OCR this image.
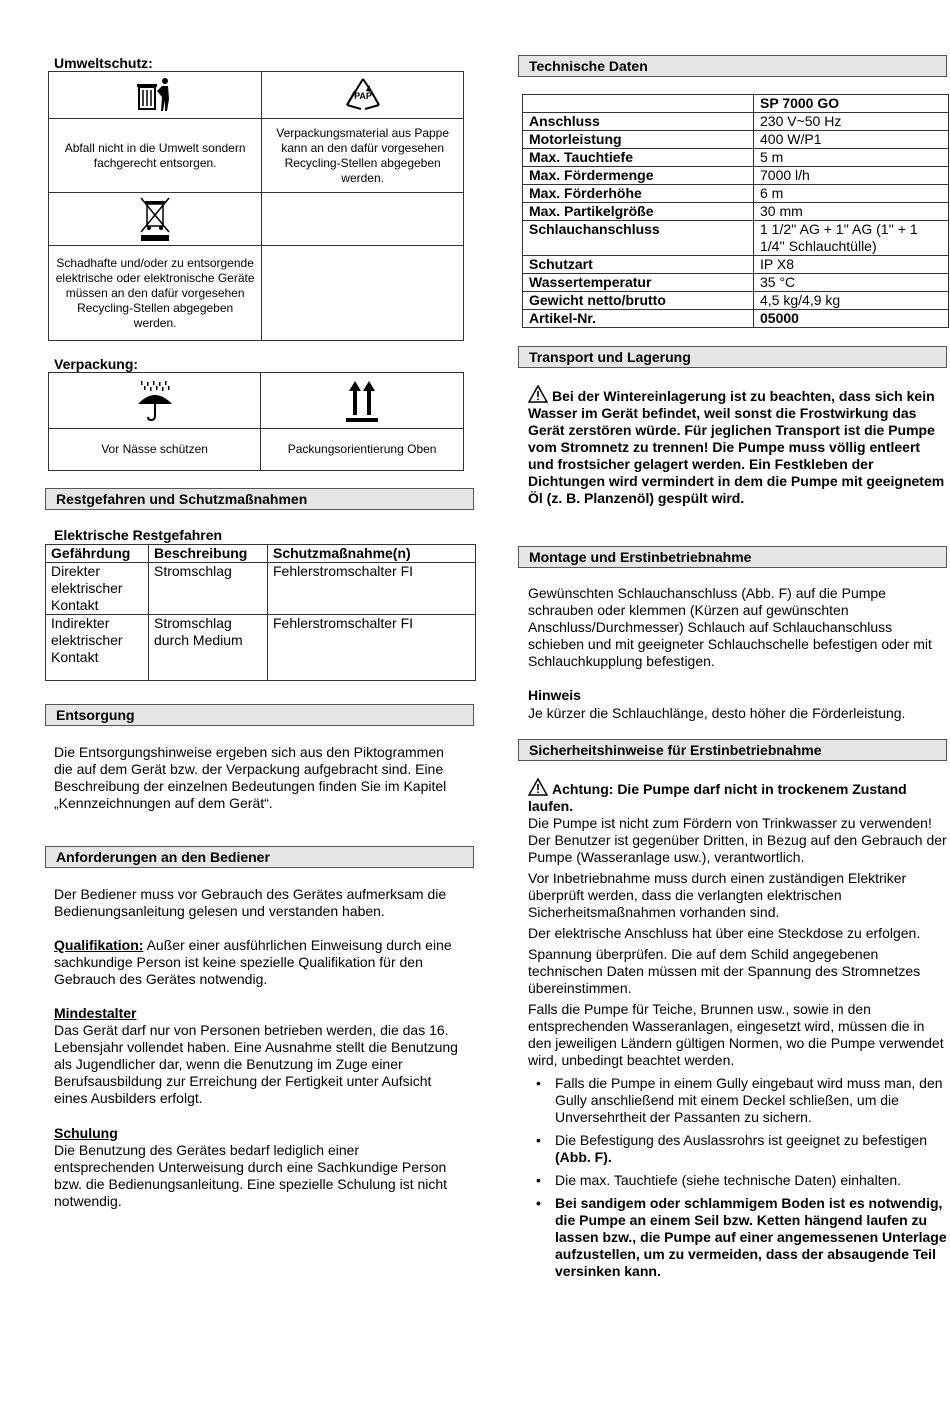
Umweltschutz:

PAP

Abfall nicht in die Umwelt sondern fachgerecht entsorgen.	Verpackungsmaterial aus Pappe kann an den dafür vorgesehen Recycling-Stellen abgegeben werden.

Schadhafte und/oder zu entsorgende elektrische oder elektronische Geräte müssen an den dafür vorgesehen Recycling-Stellen abgegeben werden.	
Verpackung:

Vor Nässe schützen	Packungsorientierung Oben
Restgefahren und Schutzmaßnahmen
Elektrische Restgefahren
Gefährdung	Beschreibung	Schutzmaßnahme(n)
Direkter elektrischer Kontakt	Stromschlag	Fehlerstromschalter FI
Indirekter elektrischer Kontakt	Stromschlag durch Medium	Fehlerstromschalter FI
Entsorgung

Die Entsorgungshinweise ergeben sich aus den Piktogrammen die auf dem Gerät bzw. der Verpackung aufgebracht sind. Eine Beschreibung der einzelnen Bedeutungen finden Sie im Kapitel „Kennzeichnungen auf dem Gerät“.

Anforderungen an den Bediener

Der Bediener muss vor Gebrauch des Gerätes aufmerksam die Bedienungsanleitung gelesen und verstanden haben.

Qualifikation: Außer einer ausführlichen Einweisung durch eine sachkundige Person ist keine spezielle Qualifikation für den Gebrauch des Gerätes notwendig.

Mindestalter

Das Gerät darf nur von Personen betrieben werden, die das 16. Lebensjahr vollendet haben. Eine Ausnahme stellt die Benutzung als Jugendlicher dar, wenn die Benutzung im Zuge einer Berufsausbildung zur Erreichung der Fertigkeit unter Aufsicht eines Ausbilders erfolgt.

Schulung

Die Benutzung des Gerätes bedarf lediglich einer entsprechenden Unterweisung durch eine Sachkundige Person bzw. die Bedienungsanleitung. Eine spezielle Schulung ist nicht notwendig.

Technische Daten
	SP 7000 GO
Anschluss	230 V~50 Hz
Motorleistung	400 W/P1
Max. Tauchtiefe	5 m
Max. Fördermenge	7000 l/h
Max. Förderhöhe	6 m
Max. Partikelgröße	30 mm
Schlauchanschluss	1 1/2'' AG + 1'' AG (1'' + 1 1/4'' Schlauchtülle)
Schutzart	IP X8
Wassertemperatur	35 °C
Gewicht netto/brutto	4,5 kg/4,9 kg
Artikel-Nr.	05000
Transport und Lagerung
Bei der Wintereinlagerung ist zu beachten, dass sich kein Wasser im Gerät befindet, weil sonst die Frostwirkung das Gerät zerstören würde. Für jeglichen Transport ist die Pumpe vom Stromnetz zu trennen! Die Pumpe muss völlig entleert und frostsicher gelagert werden. Ein Festkleben der Dichtungen wird vermindert in dem die Pumpe mit geeignetem Öl (z. B. Planzenöl) gespült wird.
Montage und Erstinbetriebnahme

Gewünschten Schlauchanschluss (Abb. F) auf die Pumpe schrauben oder klemmen (Kürzen auf gewünschten Anschluss/Durchmesser) Schlauch auf Schlauchanschluss schieben und mit geeigneter Schlauchschelle befestigen oder mit Schlauchkupplung befestigen.

Hinweis

Je kürzer die Schlauchlänge, desto höher die Förderleistung.

Sicherheitshinweise für Erstinbetriebnahme

Achtung: Die Pumpe darf nicht in trockenem Zustand laufen.

Die Pumpe ist nicht zum Fördern von Trinkwasser zu verwenden!

Der Benutzer ist gegenüber Dritten, in Bezug auf den Gebrauch der Pumpe (Wasseranlage usw.), verantwortlich.

Vor Inbetriebnahme muss durch einen zuständigen Elektriker überprüft werden, dass die verlangten elektrischen Sicherheitsmaßnahmen vorhanden sind.

Der elektrische Anschluss hat über eine Steckdose zu erfolgen.

Spannung überprüfen. Die auf dem Schild angegebenen technischen Daten müssen mit der Spannung des Stromnetzes übereinstimmen.

Falls die Pumpe für Teiche, Brunnen usw., sowie in den entsprechenden Wasseranlagen, eingesetzt wird, müssen die in den jeweiligen Ländern gültigen Normen, wo die Pumpe verwendet wird, unbedingt beachtet werden.

• Falls die Pumpe in einem Gully eingebaut wird muss man, den Gully anschließend mit einem Deckel schließen, um die Unversehrtheit der Passanten zu sichern.
• Die Befestigung des Auslassrohrs ist geeignet zu befestigen (Abb. F).
• Die max. Tauchtiefe (siehe technische Daten) einhalten.
• Bei sandigem oder schlammigem Boden ist es notwendig, die Pumpe an einem Seil bzw. Ketten hängend laufen zu lassen bzw., die Pumpe auf einer angemessenen Unterlage aufzustellen, um zu vermeiden, dass der absaugende Teil versinken kann.
